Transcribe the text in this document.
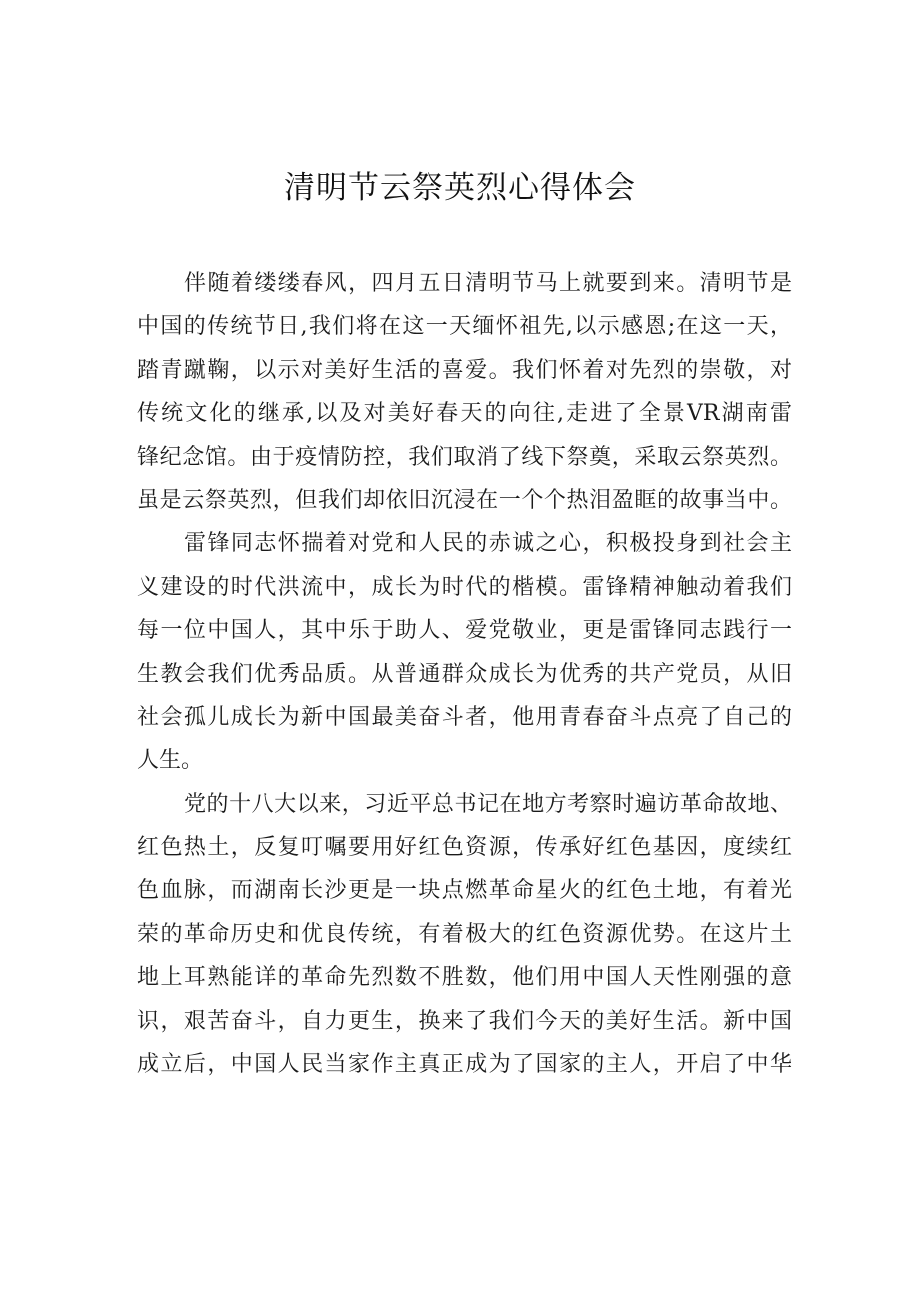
清明节云祭英烈心得体会
伴随着缕缕春风，四月五日清明节马上就要到来。清明节是
中国的传统节日,我们将在这一天缅怀祖先,以示感恩;在这一天，
踏青蹴鞠，以示对美好生活的喜爱。我们怀着对先烈的崇敬，对
传统文化的继承,以及对美好春天的向往,走进了全景VR湖南雷
锋纪念馆。由于疫情防控，我们取消了线下祭奠，采取云祭英烈。
虽是云祭英烈，但我们却依旧沉浸在一个个热泪盈眶的故事当中。
雷锋同志怀揣着对党和人民的赤诚之心，积极投身到社会主
义建设的时代洪流中，成长为时代的楷模。雷锋精神触动着我们
每一位中国人，其中乐于助人、爱党敬业，更是雷锋同志践行一
生教会我们优秀品质。从普通群众成长为优秀的共产党员，从旧
社会孤儿成长为新中国最美奋斗者，他用青春奋斗点亮了自己的
人生。
党的十八大以来，习近平总书记在地方考察时遍访革命故地、
红色热土，反复叮嘱要用好红色资源，传承好红色基因，度续红
色血脉，而湖南长沙更是一块点燃革命星火的红色土地，有着光
荣的革命历史和优良传统，有着极大的红色资源优势。在这片土
地上耳熟能详的革命先烈数不胜数，他们用中国人天性刚强的意
识，艰苦奋斗，自力更生，换来了我们今天的美好生活。新中国
成立后，中国人民当家作主真正成为了国家的主人，开启了中华
